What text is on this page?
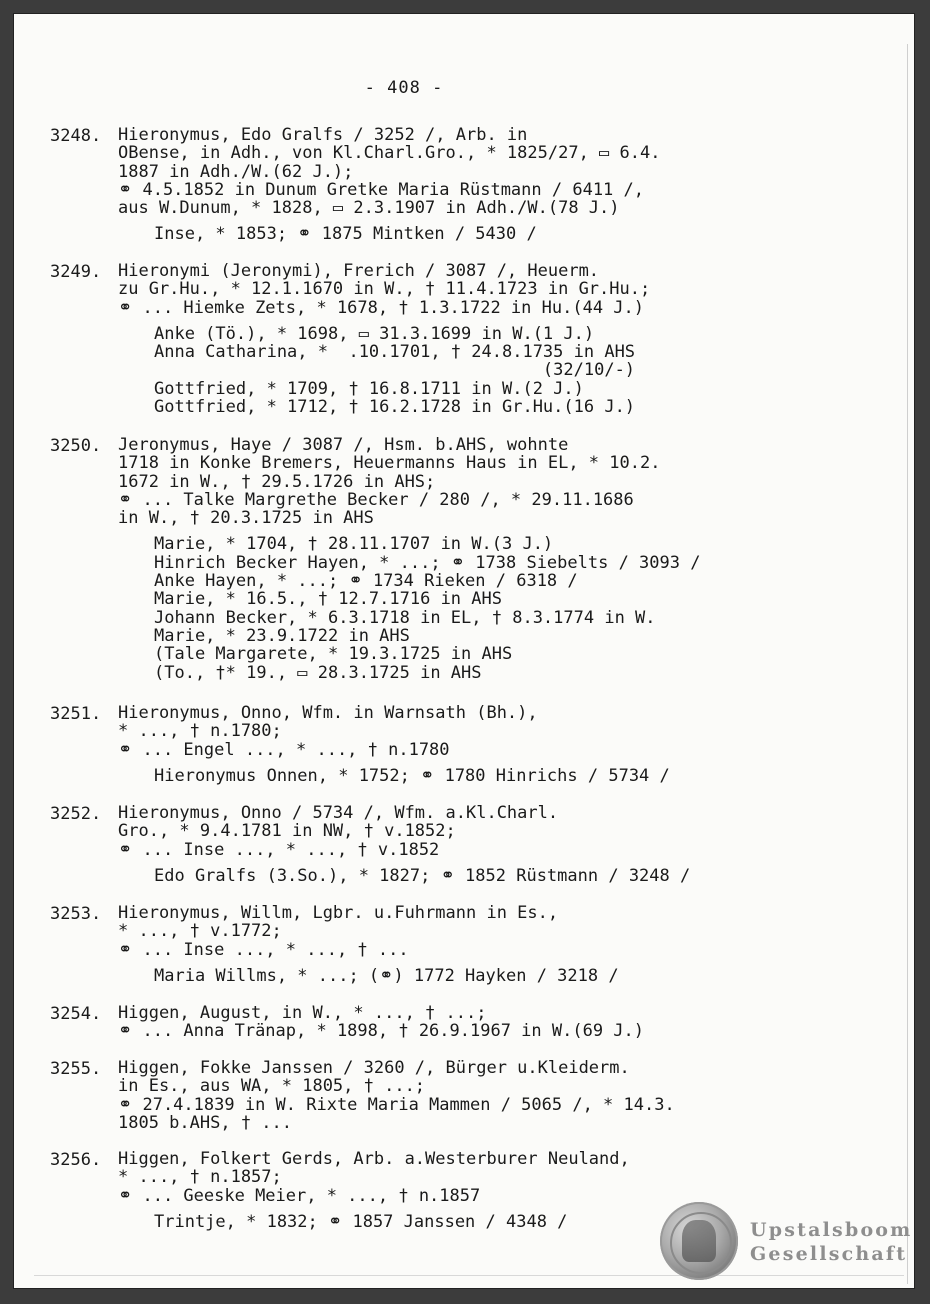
- 408 -
3248. Hieronymus, Edo Gralfs / 3252 /, Arb. in
OBense, in Adh., von Kl.Charl.Gro., * 1825/27, ▭ 6.4.
1887 in Adh./W.(62 J.);
⚭ 4.5.1852 in Dunum Gretke Maria Rüstmann / 6411 /,
aus W.Dunum, * 1828, ▭ 2.3.1907 in Adh./W.(78 J.)
Inse, * 1853; ⚭ 1875 Mintken / 5430 /
3249. Hieronymi (Jeronymi), Frerich / 3087 /, Heuerm.
zu Gr.Hu., * 12.1.1670 in W., † 11.4.1723 in Gr.Hu.;
⚭ ... Hiemke Zets, * 1678, † 1.3.1722 in Hu.(44 J.)
Anke (Tö.), * 1698, ▭ 31.3.1699 in W.(1 J.)
Anna Catharina, *  .10.1701, † 24.8.1735 in AHS
(32/10/-)
Gottfried, * 1709, † 16.8.1711 in W.(2 J.)
Gottfried, * 1712, † 16.2.1728 in Gr.Hu.(16 J.)
3250. Jeronymus, Haye / 3087 /, Hsm. b.AHS, wohnte
1718 in Konke Bremers, Heuermanns Haus in EL, * 10.2.
1672 in W., † 29.5.1726 in AHS;
⚭ ... Talke Margrethe Becker / 280 /, * 29.11.1686
in W., † 20.3.1725 in AHS
Marie, * 1704, † 28.11.1707 in W.(3 J.)
Hinrich Becker Hayen, * ...; ⚭ 1738 Siebelts / 3093 /
Anke Hayen, * ...; ⚭ 1734 Rieken / 6318 /
Marie, * 16.5., † 12.7.1716 in AHS
Johann Becker, * 6.3.1718 in EL, † 8.3.1774 in W.
Marie, * 23.9.1722 in AHS
(Tale Margarete, * 19.3.1725 in AHS
(To., †* 19., ▭ 28.3.1725 in AHS
3251. Hieronymus, Onno, Wfm. in Warnsath (Bh.),
* ..., † n.1780;
⚭ ... Engel ..., * ..., † n.1780
Hieronymus Onnen, * 1752; ⚭ 1780 Hinrichs / 5734 /
3252. Hieronymus, Onno / 5734 /, Wfm. a.Kl.Charl.
Gro., * 9.4.1781 in NW, † v.1852;
⚭ ... Inse ..., * ..., † v.1852
Edo Gralfs (3.So.), * 1827; ⚭ 1852 Rüstmann / 3248 /
3253. Hieronymus, Willm, Lgbr. u.Fuhrmann in Es.,
* ..., † v.1772;
⚭ ... Inse ..., * ..., † ...
Maria Willms, * ...; (⚭) 1772 Hayken / 3218 /
3254. Higgen, August, in W., * ..., † ...;
⚭ ... Anna Tränap, * 1898, † 26.9.1967 in W.(69 J.)
3255. Higgen, Fokke Janssen / 3260 /, Bürger u.Kleiderm.
in Es., aus WA, * 1805, † ...;
⚭ 27.4.1839 in W. Rixte Maria Mammen / 5065 /, * 14.3.
1805 b.AHS, † ...
3256. Higgen, Folkert Gerds, Arb. a.Westerburer Neuland,
* ..., † n.1857;
⚭ ... Geeske Meier, * ..., † n.1857
Trintje, * 1832; ⚭ 1857 Janssen / 4348 /	Upstalsboom
Gesellschaft
